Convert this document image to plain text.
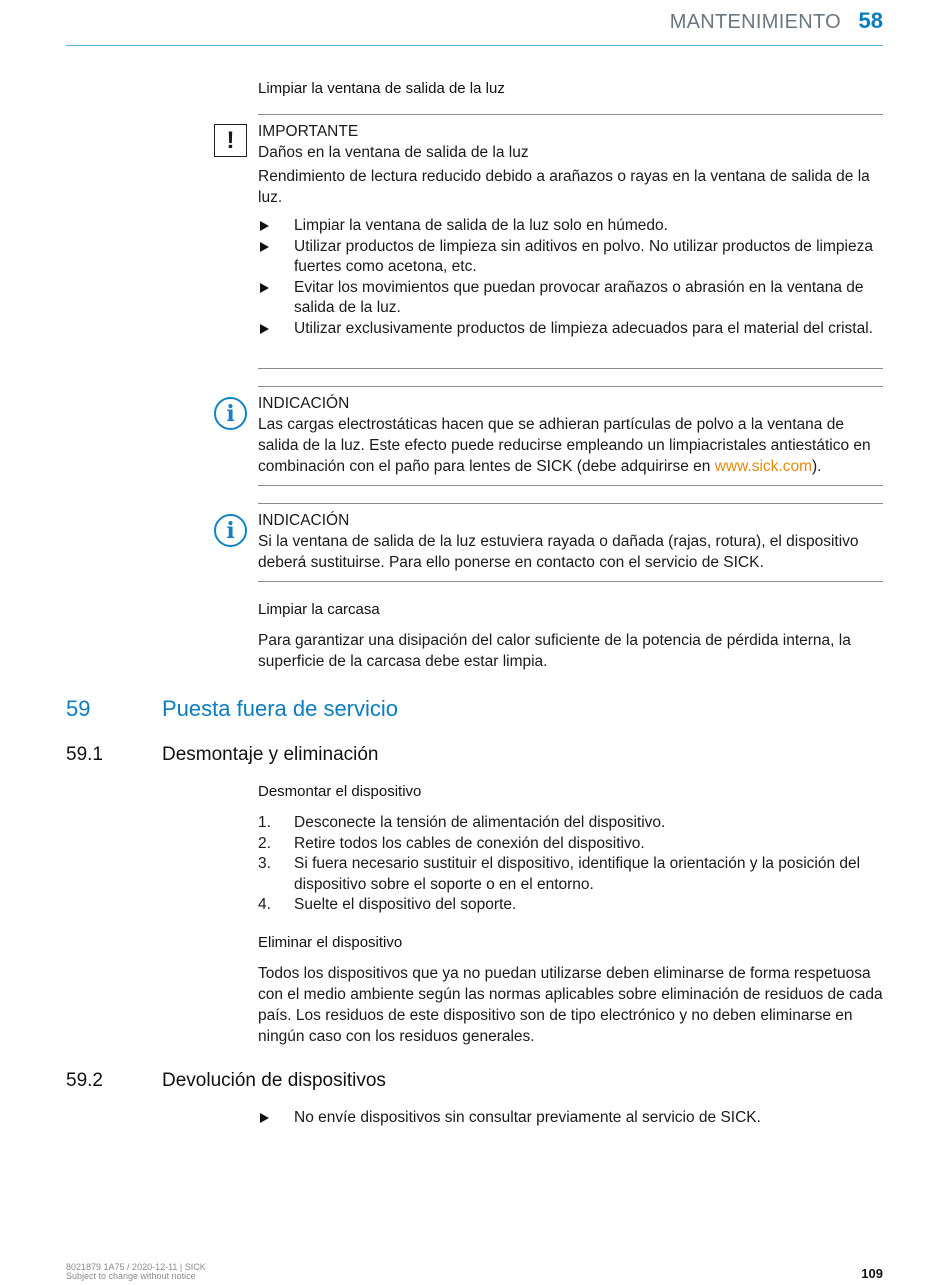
MANTENIMIENTO 58
Limpiar la ventana de salida de la luz
!	IMPORTANTE
Daños en la ventana de salida de la luz
Rendimiento de lectura reducido debido a arañazos o rayas en la ventana de salida de la luz.
Limpiar la ventana de salida de la luz solo en húmedo.
Utilizar productos de limpieza sin aditivos en polvo. No utilizar productos de limpieza fuertes como acetona, etc.
Evitar los movimientos que puedan provocar arañazos o abrasión en la ventana de salida de la luz.
Utilizar exclusivamente productos de limpieza adecuados para el material del cristal.
i	INDICACIÓN
Las cargas electrostáticas hacen que se adhieran partículas de polvo a la ventana de salida de la luz. Este efecto puede reducirse empleando un limpiacristales antiestático en combinación con el paño para lentes de SICK (debe adquirirse en www.sick.com).
i	INDICACIÓN
Si la ventana de salida de la luz estuviera rayada o dañada (rajas, rotura), el dispositivo deberá sustituirse. Para ello ponerse en contacto con el servicio de SICK.
Limpiar la carcasa
Para garantizar una disipación del calor suficiente de la potencia de pérdida interna, la superficie de la carcasa debe estar limpia.
59	Puesta fuera de servicio
59.1	Desmontaje y eliminación
Desmontar el dispositivo
1. Desconecte la tensión de alimentación del dispositivo.
2. Retire todos los cables de conexión del dispositivo.
3. Si fuera necesario sustituir el dispositivo, identifique la orientación y la posición del dispositivo sobre el soporte o en el entorno.
4. Suelte el dispositivo del soporte.
Eliminar el dispositivo
Todos los dispositivos que ya no puedan utilizarse deben eliminarse de forma respetuosa con el medio ambiente según las normas aplicables sobre eliminación de residuos de cada país. Los residuos de este dispositivo son de tipo electrónico y no deben eliminarse en ningún caso con los residuos generales.
59.2	Devolución de dispositivos
No envíe dispositivos sin consultar previamente al servicio de SICK.
8021879 1A75 / 2020-12-11 | SICK
Subject to change without notice	109
